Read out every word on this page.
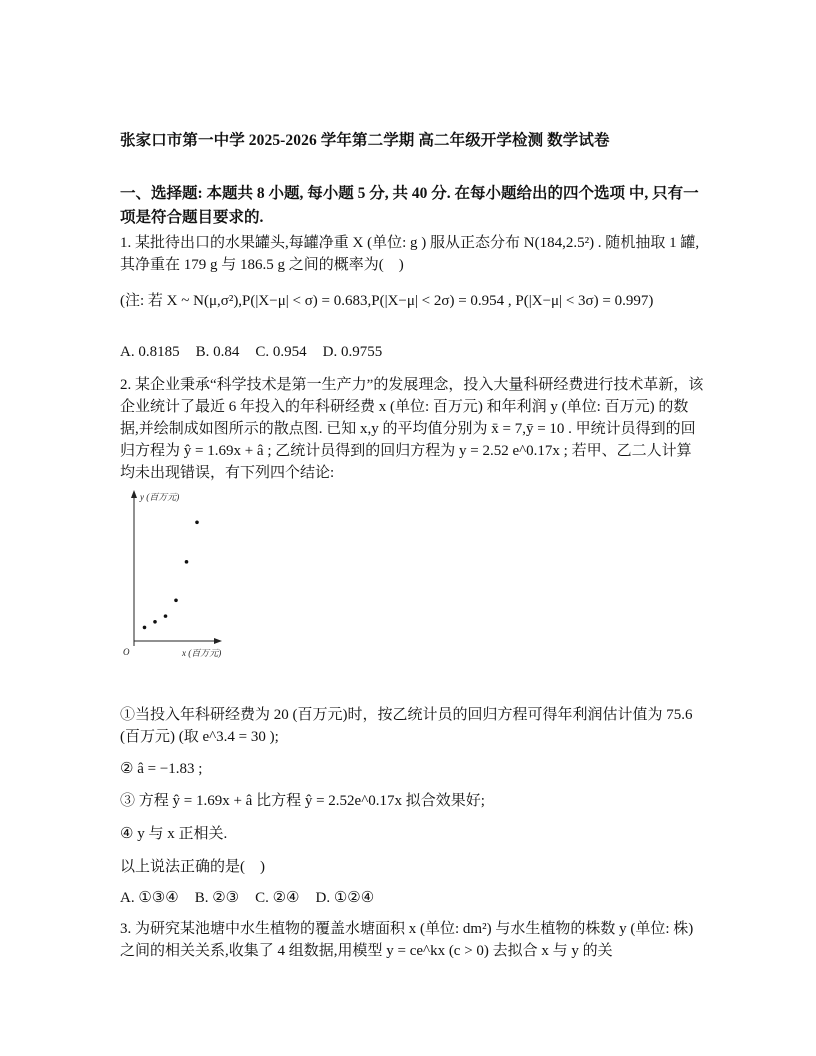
张家口市第一中学 2025-2026 学年第二学期 高二年级开学检测 数学试卷
一、选择题: 本题共 8 小题, 每小题 5 分, 共 40 分. 在每小题给出的四个选项 中, 只有一项是符合题目要求的.
1. 某批待出口的水果罐头,每罐净重 X (单位: g ) 服从正态分布 N(184,2.5²) . 随机抽取 1 罐,其净重在 179 g 与 186.5 g 之间的概率为(　)
(注: 若 X ~ N(μ,σ²),P(|X−μ| < σ) = 0.683,P(|X−μ| < 2σ) = 0.954 , P(|X−μ| < 3σ) = 0.997)
A. 0.8185 B. 0.84 C. 0.954 D. 0.9755
2. 某企业秉承“科学技术是第一生产力”的发展理念，投入大量科研经费进行技术革新，该企业统计了最近 6 年投入的年科研经费 x (单位: 百万元) 和年利润 y (单位: 百万元) 的数据,并绘制成如图所示的散点图. 已知 x,y 的平均值分别为 x̄ = 7,ȳ = 10 . 甲统计员得到的回归方程为 ŷ = 1.69x + â ; 乙统计员得到的回归方程为 y = 2.52 e^0.17x ; 若甲、乙二人计算均未出现错误，有下列四个结论:
y (百万元)
x (百万元)
O
①当投入年科研经费为 20 (百万元)时，按乙统计员的回归方程可得年利润估计值为 75.6 (百万元) (取 e^3.4 = 30 );
② â = −1.83 ;
③ 方程 ŷ = 1.69x + â 比方程 ŷ = 2.52e^0.17x 拟合效果好;
④ y 与 x 正相关.
以上说法正确的是(　)
A. ①③④ B. ②③ C. ②④ D. ①②④
3. 为研究某池塘中水生植物的覆盖水塘面积 x (单位: dm²) 与水生植物的株数 y (单位: 株) 之间的相关关系,收集了 4 组数据,用模型 y = ce^kx (c > 0) 去拟合 x 与 y 的关
